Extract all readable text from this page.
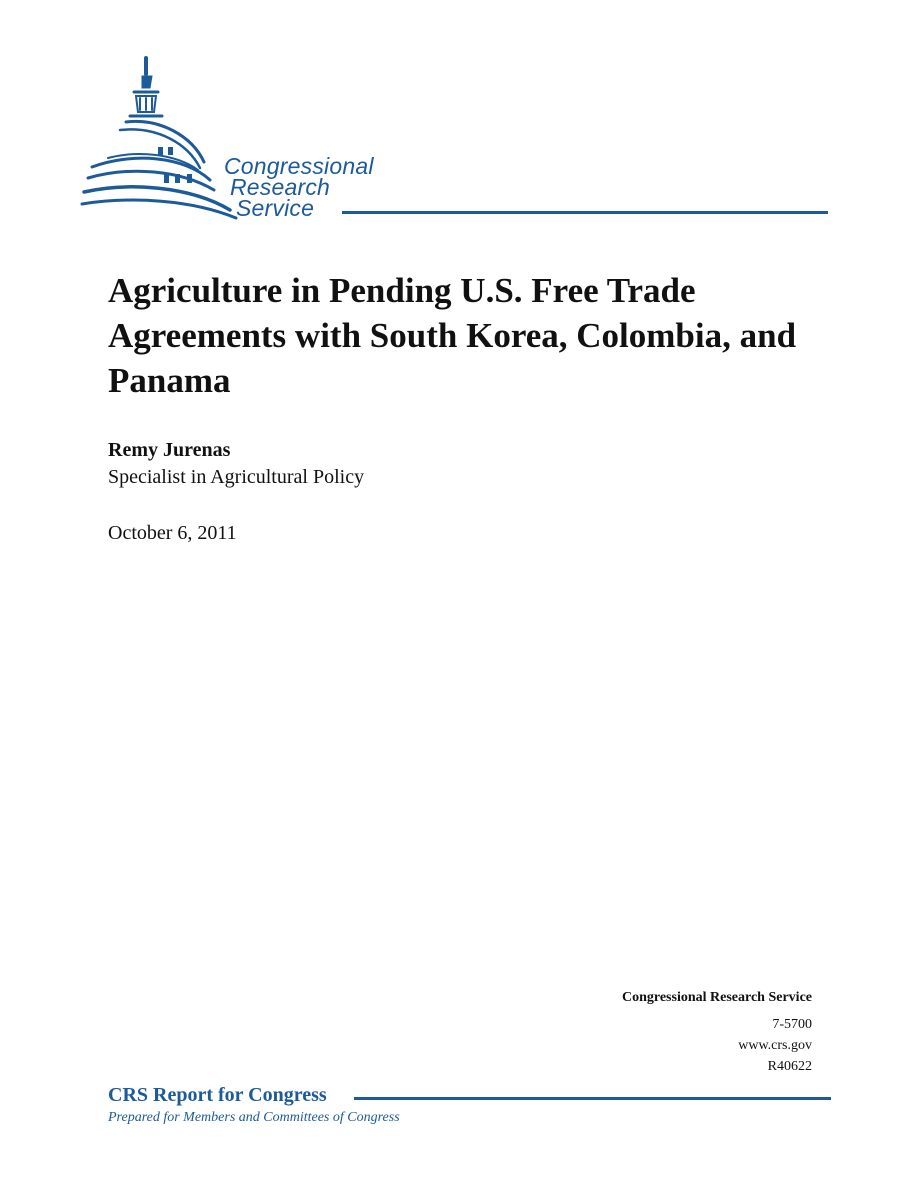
Congressional
Research
Service
Agriculture in Pending U.S. Free Trade Agreements with South Korea, Colombia, and Panama
Remy Jurenas
Specialist in Agricultural Policy
October 6, 2011
Congressional Research Service
7-5700
www.crs.gov
R40622
CRS Report for Congress
Prepared for Members and Committees of Congress
